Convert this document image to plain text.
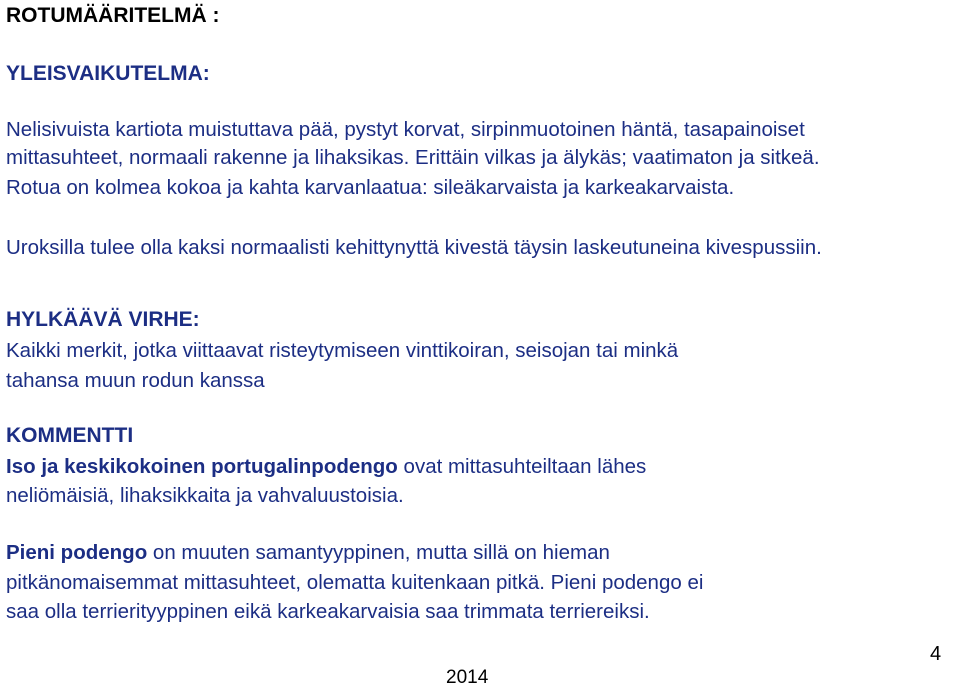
ROTUMÄÄRITELMÄ :
YLEISVAIKUTELMA:
Nelisivuista kartiota muistuttava pää, pystyt korvat, sirpinmuotoinen häntä, tasapainoiset
mittasuhteet, normaali rakenne ja lihaksikas. Erittäin vilkas ja älykäs; vaatimaton ja sitkeä.
Rotua on kolmea kokoa ja kahta karvanlaatua: sileäkarvaista ja karkeakarvaista.
Uroksilla tulee olla kaksi normaalisti kehittynyttä kivestä täysin laskeutuneina kivespussiin.
HYLKÄÄVÄ VIRHE:
Kaikki merkit, jotka viittaavat risteytymiseen vinttikoiran, seisojan tai minkä
tahansa muun rodun kanssa
KOMMENTTI
Iso ja keskikokoinen portugalinpodengo ovat mittasuhteiltaan lähes
neliömäisiä, lihaksikkaita ja vahvaluustoisia.
Pieni podengo on muuten samantyyppinen, mutta sillä on hieman
pitkänomaisemmat mittasuhteet, olematta kuitenkaan pitkä. Pieni podengo ei
saa olla terrierityyppinen eikä karkeakarvaisia saa trimmata terriereiksi.
4
2014
